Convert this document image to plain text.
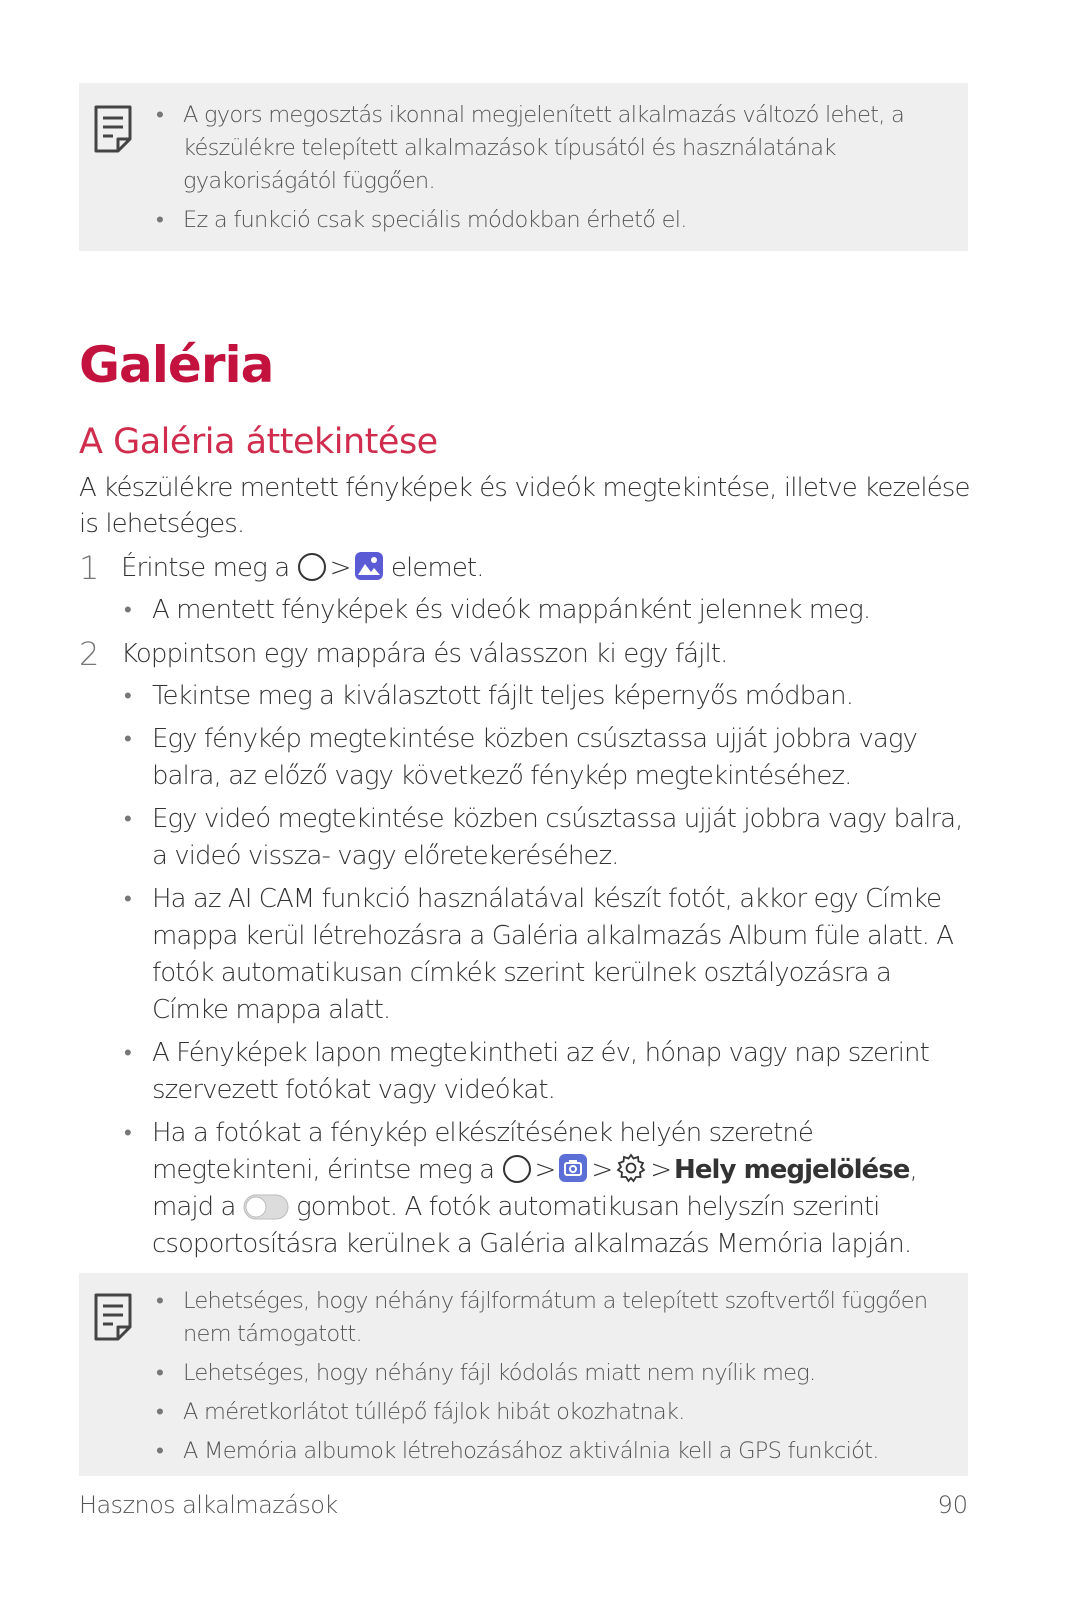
• A gyors megosztás ikonnal megjelenített alkalmazás változó lehet, a készülékre telepített alkalmazások típusától és használatának gyakoriságától függően.
• Ez a funkció csak speciális módokban érhető el.
Galéria
A Galéria áttekintése

A készülékre mentett fényképek és videók megtekintése, illetve kezelése is lehetséges.

1 Érintse meg a > elemet.
• A mentett fényképek és videók mappánként jelennek meg.
2 Koppintson egy mappára és válasszon ki egy fájlt.
• Tekintse meg a kiválasztott fájlt teljes képernyős módban.
• Egy fénykép megtekintése közben csúsztassa ujját jobbra vagy balra, az előző vagy következő fénykép megtekintéséhez.
• Egy videó megtekintése közben csúsztassa ujját jobbra vagy balra, a videó vissza- vagy előretekeréséhez.
• Ha az AI CAM funkció használatával készít fotót, akkor egy Címke mappa kerül létrehozásra a Galéria alkalmazás Album füle alatt. A fotók automatikusan címkék szerint kerülnek osztályozásra a Címke mappa alatt.
• A Fényképek lapon megtekintheti az év, hónap vagy nap szerint szervezett fotókat vagy videókat.
• Ha a fotókat a fénykép elkészítésének helyén szeretné megtekinteni, érintse meg a > > > Hely megjelölése, majd a gombot. A fotók automatikusan helyszín szerinti csoportosításra kerülnek a Galéria alkalmazás Memória lapján.
• Lehetséges, hogy néhány fájlformátum a telepített szoftvertől függően nem támogatott.
• Lehetséges, hogy néhány fájl kódolás miatt nem nyílik meg.
• A méretkorlátot túllépő fájlok hibát okozhatnak.
• A Memória albumok létrehozásához aktiválnia kell a GPS funkciót.
Hasznos alkalmazások	90
